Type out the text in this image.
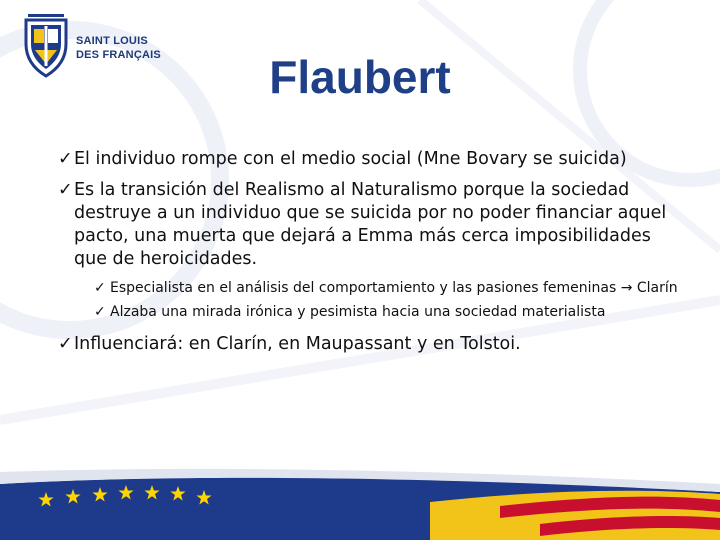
SAINT LOUIS
DES FRANÇAIS	Flaubert
✓ El individuo rompe con el medio social (Mne Bovary se suicida)
✓ Es la transición del Realismo al Naturalismo porque la sociedad destruye a un individuo que se suicida por no poder financiar aquel pacto, una muerta que dejará a Emma más cerca imposibilidades que de heroicidades.
✓ Especialista en el análisis del comportamiento y las pasiones femeninas → Clarín
✓ Alzaba una mirada irónica y pesimista hacia una sociedad materialista
✓ Influenciará: en Clarín, en Maupassant y en Tolstoi.
